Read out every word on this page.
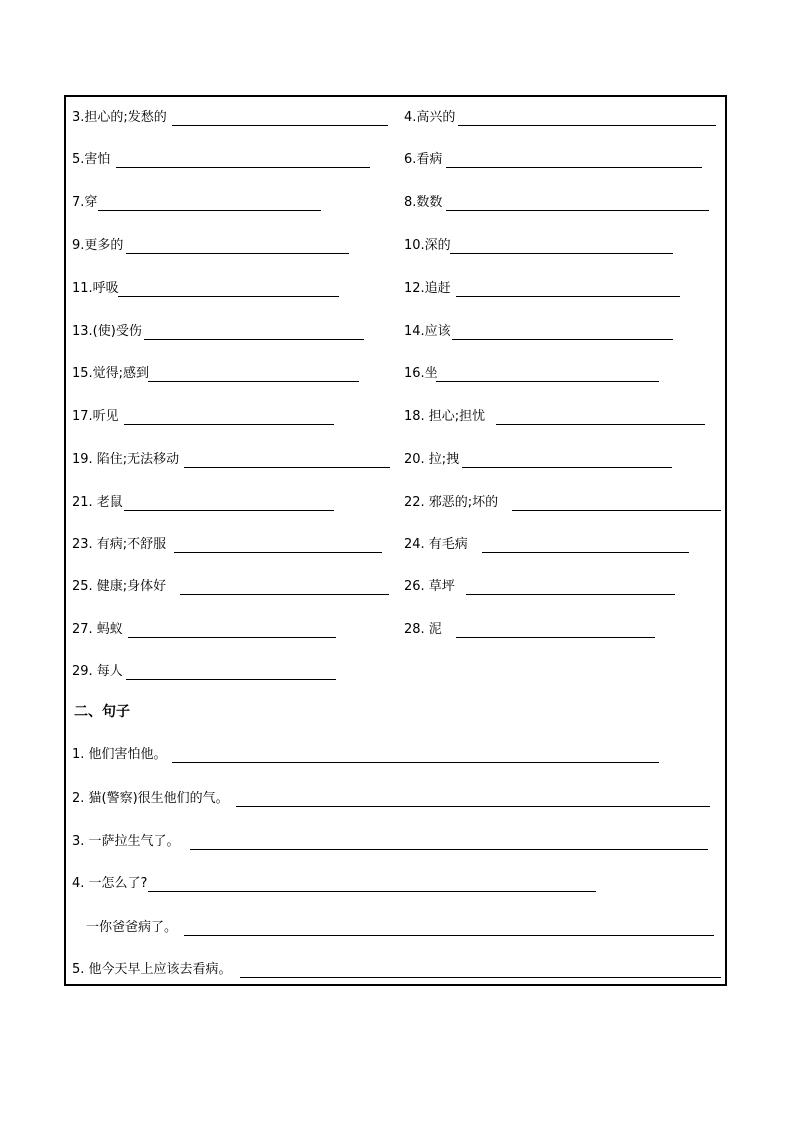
3.担心的;发愁的	4.高兴的
5.害怕	6.看病
7.穿	8.数数
9.更多的	10.深的
11.呼吸	12.追赶
13.(使)受伤	14.应该
15.觉得;感到	16.坐
17.听见	18. 担心;担忧
19. 陷住;无法移动	20. 拉;拽
21. 老鼠	22. 邪恶的;坏的
23. 有病;不舒服	24. 有毛病
25. 健康;身体好	26. 草坪
27. 蚂蚁	28. 泥
29. 每人
二、句子
1. 他们害怕他。
2. 猫(警察)很生他们的气。
3. 一萨拉生气了。
4. 一怎么了?
一你爸爸病了。
5. 他今天早上应该去看病。
